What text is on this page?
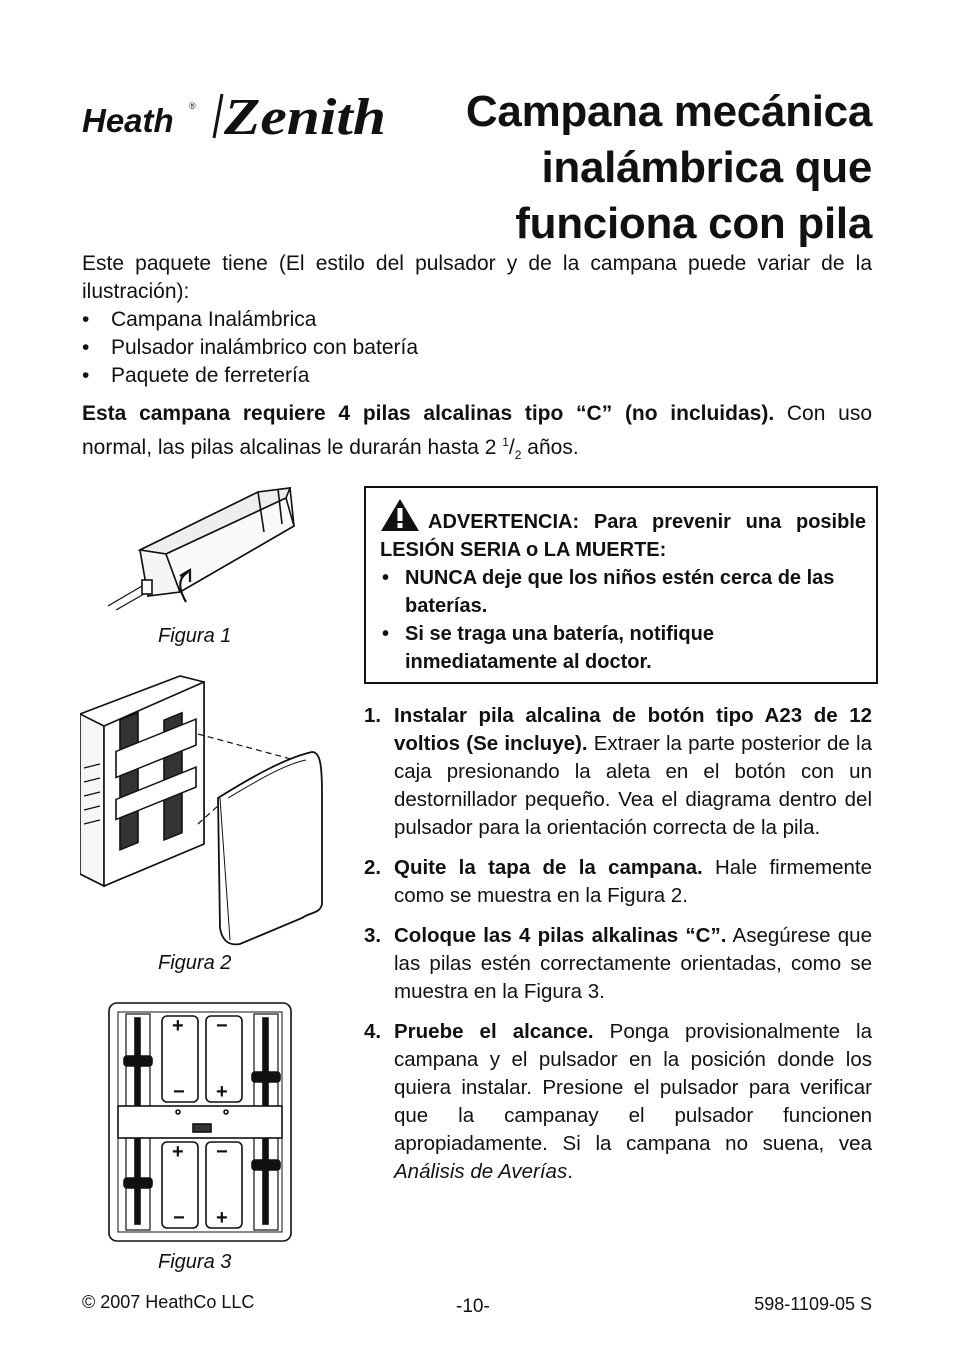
Heath ® Zenith	Campana mecánica
inalámbrica que
funciona con pila

Este paquete tiene (El estilo del pulsador y de la campana puede variar de la ilustración):

• Campana Inalámbrica
• Pulsador inalámbrico con batería
• Paquete de ferretería
Esta campana requiere 4 pilas alcalinas tipo “C” (no incluidas). Con uso normal, las pilas alcalinas le durarán hasta 2 $^1/_2$ años.
Figura 1
Figura 2
+
−
−
+
+
−
−
+
Figura 3
ADVERTENCIA: Para prevenir una posible LESIÓN SERIA o LA MUERTE:
• NUNCA deje que los niños estén cerca de las baterías.
• Si se traga una batería, notifique inmediatamente al doctor.
1. Instalar pila alcalina de botón tipo A23 de 12 voltios (Se incluye). Extraer la parte posterior de la caja presionando la aleta en el botón con un destornillador pequeño. Vea el diagrama dentro del pulsador para la orientación correcta de la pila.
2. Quite la tapa de la campana. Hale firmemente como se muestra en la Figura 2.
3. Coloque las 4 pilas alkalinas “C”. Asegúrese que las pilas estén correctamente orientadas, como se muestra en la Figura 3.
4. Pruebe el alcance. Ponga provisionalmente la campana y el pulsador en la posición donde los quiera instalar. Presione el pulsador para verificar que la campanay el pulsador funcionen apropiadamente. Si la campana no suena, vea Análisis de Averías.
© 2007 HeathCo LLC	-10-	598-1109-05 S
